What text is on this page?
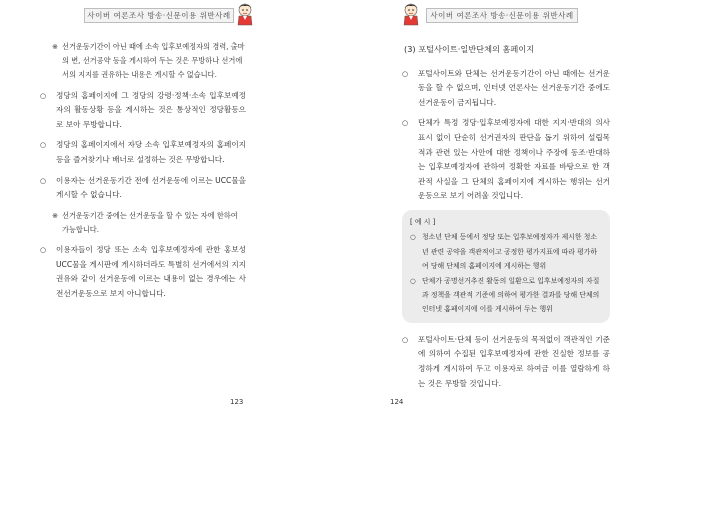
사이버 여론조사 방송·신문이용 위반사례
※ 선거운동기간이 아닌 때에 소속 입후보예정자의 경력, 출마의 변, 선거공약 등을 게시하여 두는 것은 무방하나 선거에서의 지지를 권유하는 내용은 게시할 수 없습니다.
○ 정당의 홈페이지에 그 정당의 강령·정책·소속 입후보예정자의 활동상황 등을 게시하는 것은 통상적인 정당활동으로 보아 무방합니다.
○ 정당의 홈페이지에서 자당 소속 입후보예정자의 홈페이지 등을 즐겨찾기나 배너로 설정하는 것은 무방합니다.
○ 이용자는 선거운동기간 전에 선거운동에 이르는 UCC물을 게시할 수 없습니다.
※ 선거운동기간 중에는 선거운동을 할 수 있는 자에 한하여 가능합니다.
○ 이용자들이 정당 또는 소속 입후보예정자에 관한 홍보성 UCC물을 게시판에 게시하더라도 특별히 선거에서의 지지 권유와 같이 선거운동에 이르는 내용이 없는 경우에는 사전선거운동으로 보지 아니합니다.
123
사이버 여론조사 방송·신문이용 위반사례
(3) 포털사이트·일반단체의 홈페이지
○ 포털사이트와 단체는 선거운동기간이 아닌 때에는 선거운동을 할 수 없으며, 인터넷 언론사는 선거운동기간 중에도 선거운동이 금지됩니다.
○ 단체가 특정 정당·입후보예정자에 대한 지지·반대의 의사표시 없이 단순히 선거권자의 판단을 돕기 위하여 설립목적과 관련 있는 사안에 대한 정책이나 주장에 동조·반대하는 입후보예정자에 관하여 정확한 자료를 바탕으로 한 객관적 사실을 그 단체의 홈페이지에 게시하는 행위는 선거운동으로 보기 어려울 것입니다.
[ 예 시 ]
○ 청소년 단체 등에서 정당 또는 입후보예정자가 제시한 청소년 관련 공약을 객관적이고 공정한 평가지표에 따라 평가하여 당해 단체의 홈페이지에 게시하는 행위
○ 단체가 공명선거추진 활동의 일환으로 입후보예정자의 자질과 정책을 객관적 기준에 의하여 평가한 결과를 당해 단체의 인터넷 홈페이지에 이를 게시하여 두는 행위
○ 포털사이트·단체 등이 선거운동의 목적없이 객관적인 기준에 의하여 수집된 입후보예정자에 관한 진실한 정보를 공정하게 게시하여 두고 이용자로 하여금 이를 열람하게 하는 것은 무방할 것입니다.
124
